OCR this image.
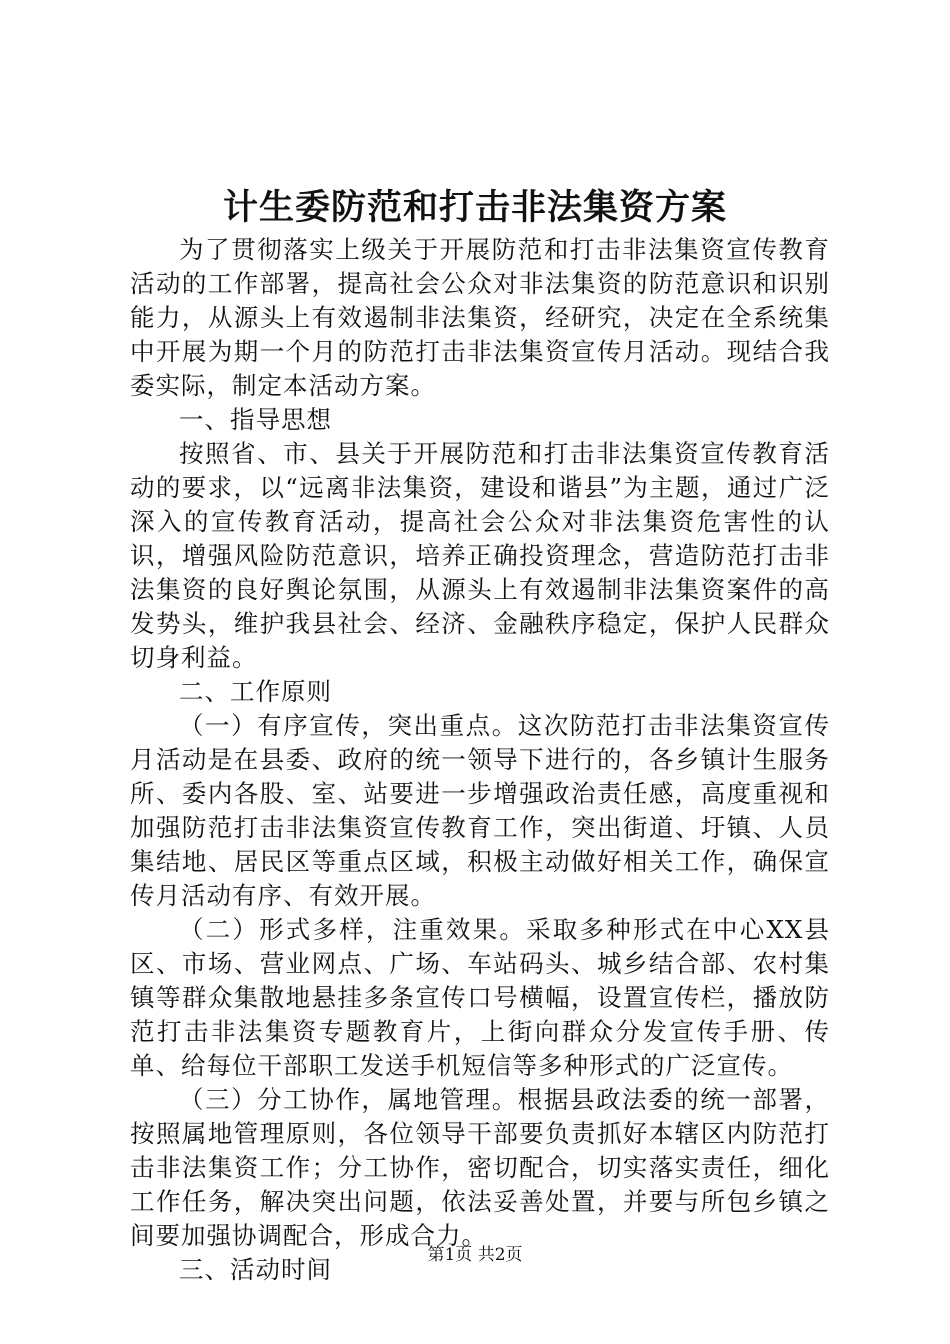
计生委防范和打击非法集资方案

为了贯彻落实上级关于开展防范和打击非法集资宣传教育活动的工作部署，提高社会公众对非法集资的防范意识和识别能力，从源头上有效遏制非法集资，经研究，决定在全系统集中开展为期一个月的防范打击非法集资宣传月活动。现结合我委实际，制定本活动方案。

一、指导思想

按照省、市、县关于开展防范和打击非法集资宣传教育活动的要求，以“远离非法集资，建设和谐县”为主题，通过广泛深入的宣传教育活动，提高社会公众对非法集资危害性的认识，增强风险防范意识，培养正确投资理念，营造防范打击非法集资的良好舆论氛围，从源头上有效遏制非法集资案件的高发势头，维护我县社会、经济、金融秩序稳定，保护人民群众切身利益。

二、工作原则

（一）有序宣传，突出重点。这次防范打击非法集资宣传月活动是在县委、政府的统一领导下进行的，各乡镇计生服务所、委内各股、室、站要进一步增强政治责任感，高度重视和加强防范打击非法集资宣传教育工作，突出街道、圩镇、人员集结地、居民区等重点区域，积极主动做好相关工作，确保宣传月活动有序、有效开展。

（二）形式多样，注重效果。采取多种形式在中心XX县区、市场、营业网点、广场、车站码头、城乡结合部、农村集镇等群众集散地悬挂多条宣传口号横幅，设置宣传栏，播放防范打击非法集资专题教育片，上街向群众分发宣传手册、传单、给每位干部职工发送手机短信等多种形式的广泛宣传。

（三）分工协作，属地管理。根据县政法委的统一部署，按照属地管理原则，各位领导干部要负责抓好本辖区内防范打击非法集资工作；分工协作，密切配合，切实落实责任，细化工作任务，解决突出问题，依法妥善处置，并要与所包乡镇之间要加强协调配合，形成合力。

三、活动时间	第1页 共2页
